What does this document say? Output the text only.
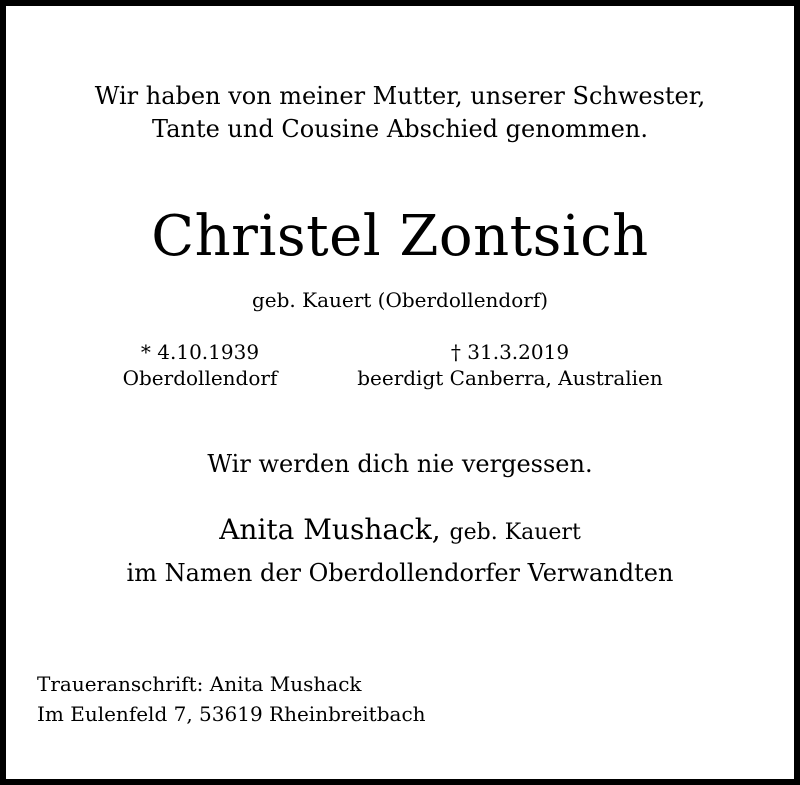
Wir haben von meiner Mutter, unserer Schwester,
Tante und Cousine Abschied genommen.
Christel Zontsich
geb. Kauert (Oberdollendorf)
* 4.10.1939
Oberdollendorf
† 31.3.2019
beerdigt Canberra, Australien
Wir werden dich nie vergessen.
Anita Mushack, geb. Kauert
im Namen der Oberdollendorfer Verwandten
Traueranschrift: Anita Mushack
Im Eulenfeld 7, 53619 Rheinbreitbach
